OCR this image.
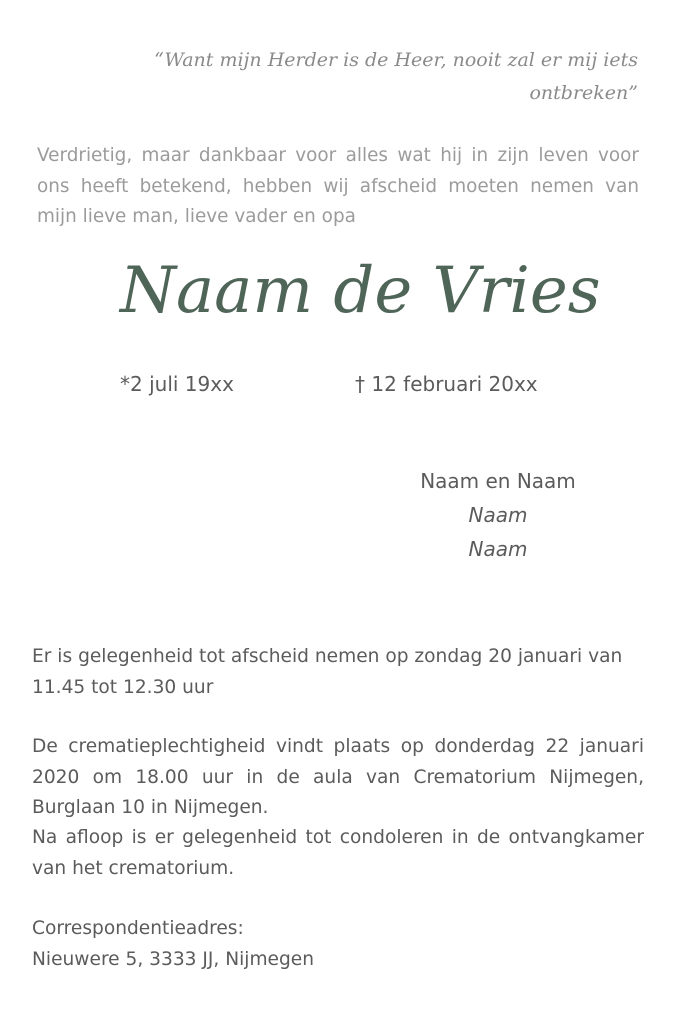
“Want mijn Herder is de Heer, nooit zal er mij iets ontbreken”
Verdrietig, maar dankbaar voor alles wat hij in zijn leven voor ons heeft betekend, hebben wij afscheid moeten nemen van mijn lieve man, lieve vader en opa
Naam de Vries
*2 juli 19xx	† 12 februari 20xx
Naam en Naam
Naam
Naam
Er is gelegenheid tot afscheid nemen op zondag 20 januari van 11.45 tot 12.30 uur
De crematieplechtigheid vindt plaats op donderdag 22 januari 2020 om 18.00 uur in de aula van Crematorium Nijmegen, Burglaan 10 in Nijmegen.
Na afloop is er gelegenheid tot condoleren in de ontvangkamer van het crematorium.
Correspondentieadres:
Nieuwere 5, 3333 JJ, Nijmegen
